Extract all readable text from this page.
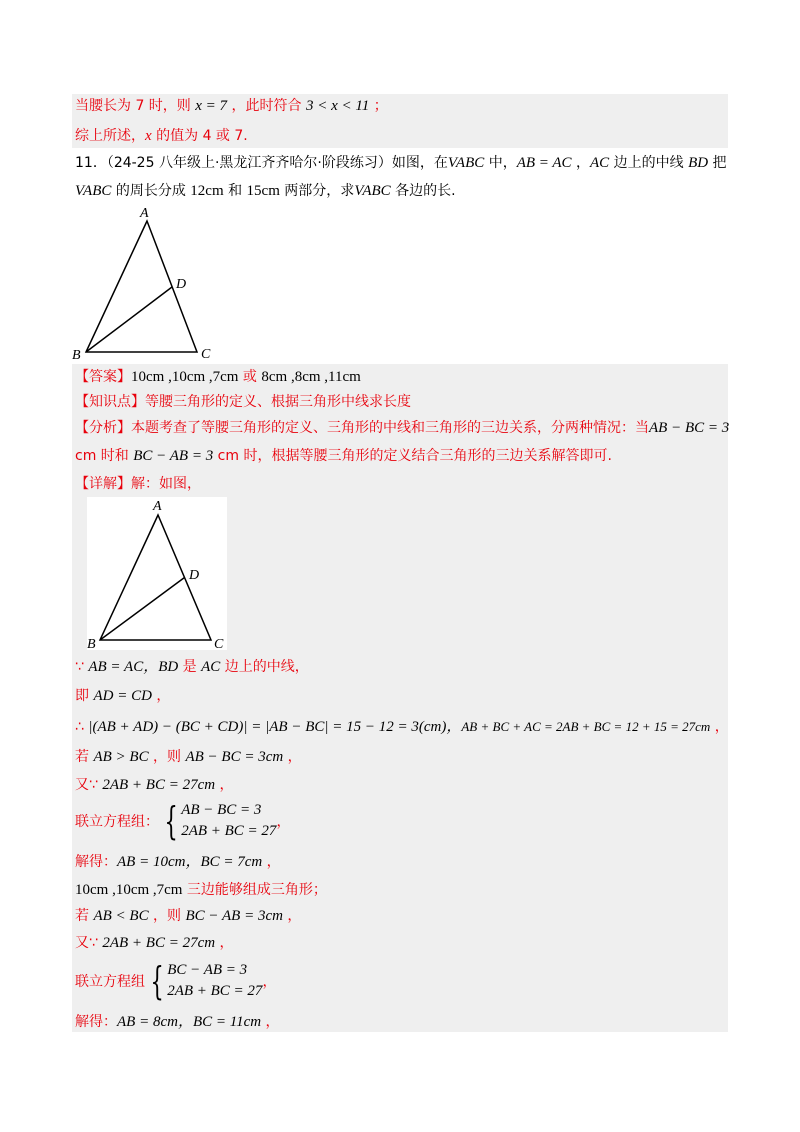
当腰长为 7 时，则 x = 7 ，此时符合 3 < x < 11 ；
综上所述，x 的值为 4 或 7.
11．（24-25 八年级上·黑龙江齐齐哈尔·阶段练习）如图，在VABC 中，AB = AC ，AC 边上的中线 BD 把
VABC 的周长分成 12cm 和 15cm 两部分，求VABC 各边的长.
A
D
B	C
【答案】10cm ,10cm ,7cm 或 8cm ,8cm ,11cm
【知识点】等腰三角形的定义、根据三角形中线求长度
【分析】本题考查了等腰三角形的定义、三角形的中线和三角形的三边关系，分两种情况：当AB − BC = 3
cm 时和 BC − AB = 3 cm 时，根据等腰三角形的定义结合三角形的三边关系解答即可.
【详解】解：如图，
A
D
B	C
∵ AB = AC，BD 是 AC 边上的中线，
即 AD = CD ，
∴ |(AB + AD) − (BC + CD)| = |AB − BC| = 15 − 12 = 3(cm)，AB + BC + AC = 2AB + BC = 12 + 15 = 27cm ，
若 AB > BC ，则 AB − BC = 3cm ，
又∵ 2AB + BC = 27cm ，
联立方程组： { AB − BC = 3
2AB + BC = 27
，
解得：AB = 10cm，BC = 7cm ，
10cm ,10cm ,7cm 三边能够组成三角形；
若 AB < BC ，则 BC − AB = 3cm ，
又∵ 2AB + BC = 27cm ，
联立方程组 { BC − AB = 3
2AB + BC = 27
，
解得：AB = 8cm，BC = 11cm ，
